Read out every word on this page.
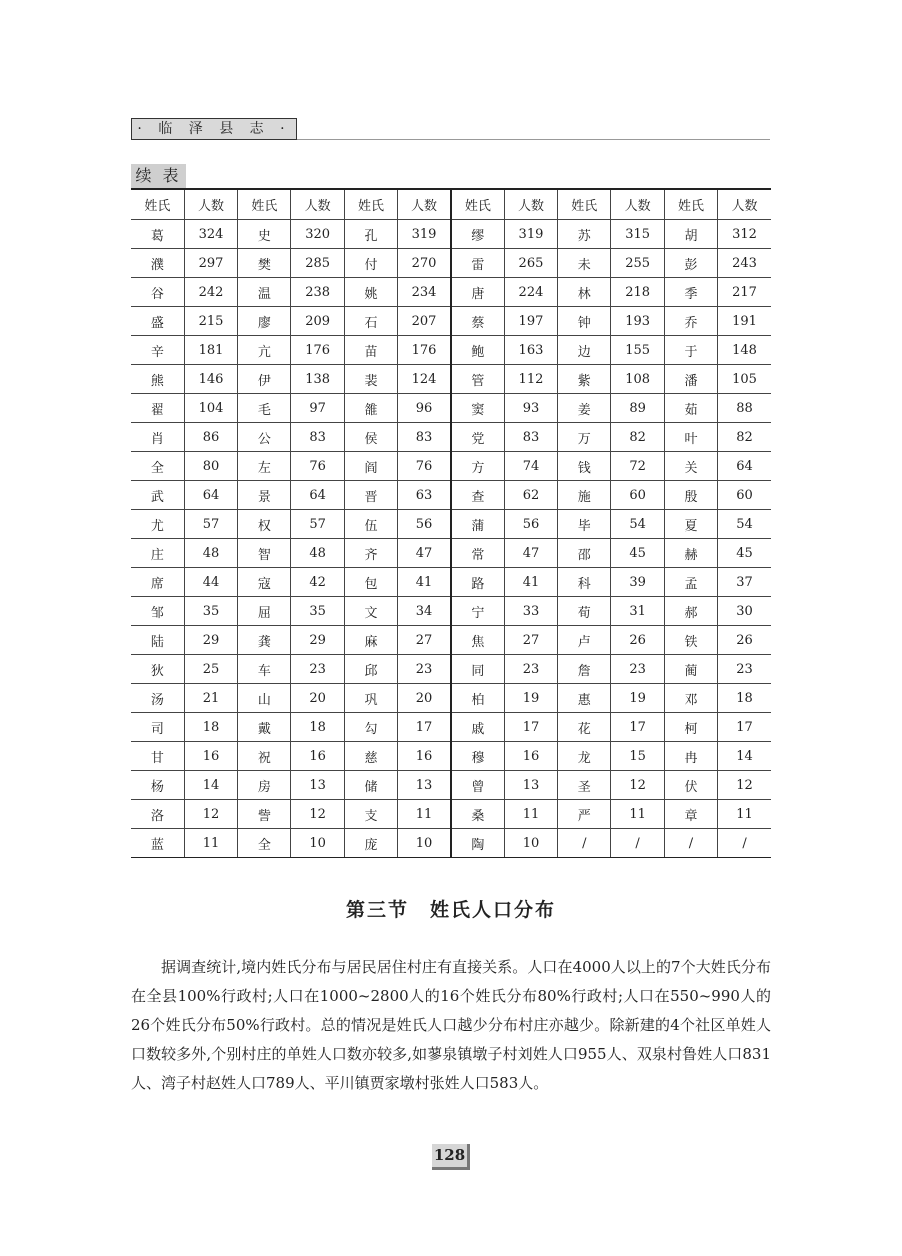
· 临 泽 县 志 ·
续 表
姓氏	人数	姓氏	人数	姓氏	人数	姓氏	人数	姓氏	人数	姓氏	人数
葛	324	史	320	孔	319	缪	319	苏	315	胡	312
濮	297	樊	285	付	270	雷	265	未	255	彭	243
谷	242	温	238	姚	234	唐	224	林	218	季	217
盛	215	廖	209	石	207	蔡	197	钟	193	乔	191
辛	181	亢	176	苗	176	鲍	163	边	155	于	148
熊	146	伊	138	裴	124	管	112	紫	108	潘	105
翟	104	毛	97	雒	96	窦	93	姜	89	茹	88
肖	86	公	83	侯	83	党	83	万	82	叶	82
全	80	左	76	阎	76	方	74	钱	72	关	64
武	64	景	64	晋	63	查	62	施	60	殷	60
尤	57	权	57	伍	56	蒲	56	毕	54	夏	54
庄	48	智	48	齐	47	常	47	邵	45	赫	45
席	44	寇	42	包	41	路	41	科	39	孟	37
邹	35	屈	35	文	34	宁	33	荀	31	郝	30
陆	29	龚	29	麻	27	焦	27	卢	26	铁	26
狄	25	车	23	邱	23	同	23	詹	23	蔺	23
汤	21	山	20	巩	20	柏	19	惠	19	邓	18
司	18	戴	18	勾	17	戚	17	花	17	柯	17
甘	16	祝	16	慈	16	穆	16	龙	15	冉	14
杨	14	房	13	储	13	曾	13	圣	12	伏	12
洛	12	訾	12	支	11	桑	11	严	11	章	11
蓝	11	全	10	庞	10	陶	10	/	/	/	/
第三节　姓氏人口分布

据调查统计,境内姓氏分布与居民居住村庄有直接关系。人口在4000人以上的7个大姓氏分布在全县100%行政村;人口在1000~2800人的16个姓氏分布80%行政村;人口在550~990人的26个姓氏分布50%行政村。总的情况是姓氏人口越少分布村庄亦越少。除新建的4个社区单姓人口数较多外,个别村庄的单姓人口数亦较多,如蓼泉镇墩子村刘姓人口955人、双泉村鲁姓人口831人、湾子村赵姓人口789人、平川镇贾家墩村张姓人口583人。

128
